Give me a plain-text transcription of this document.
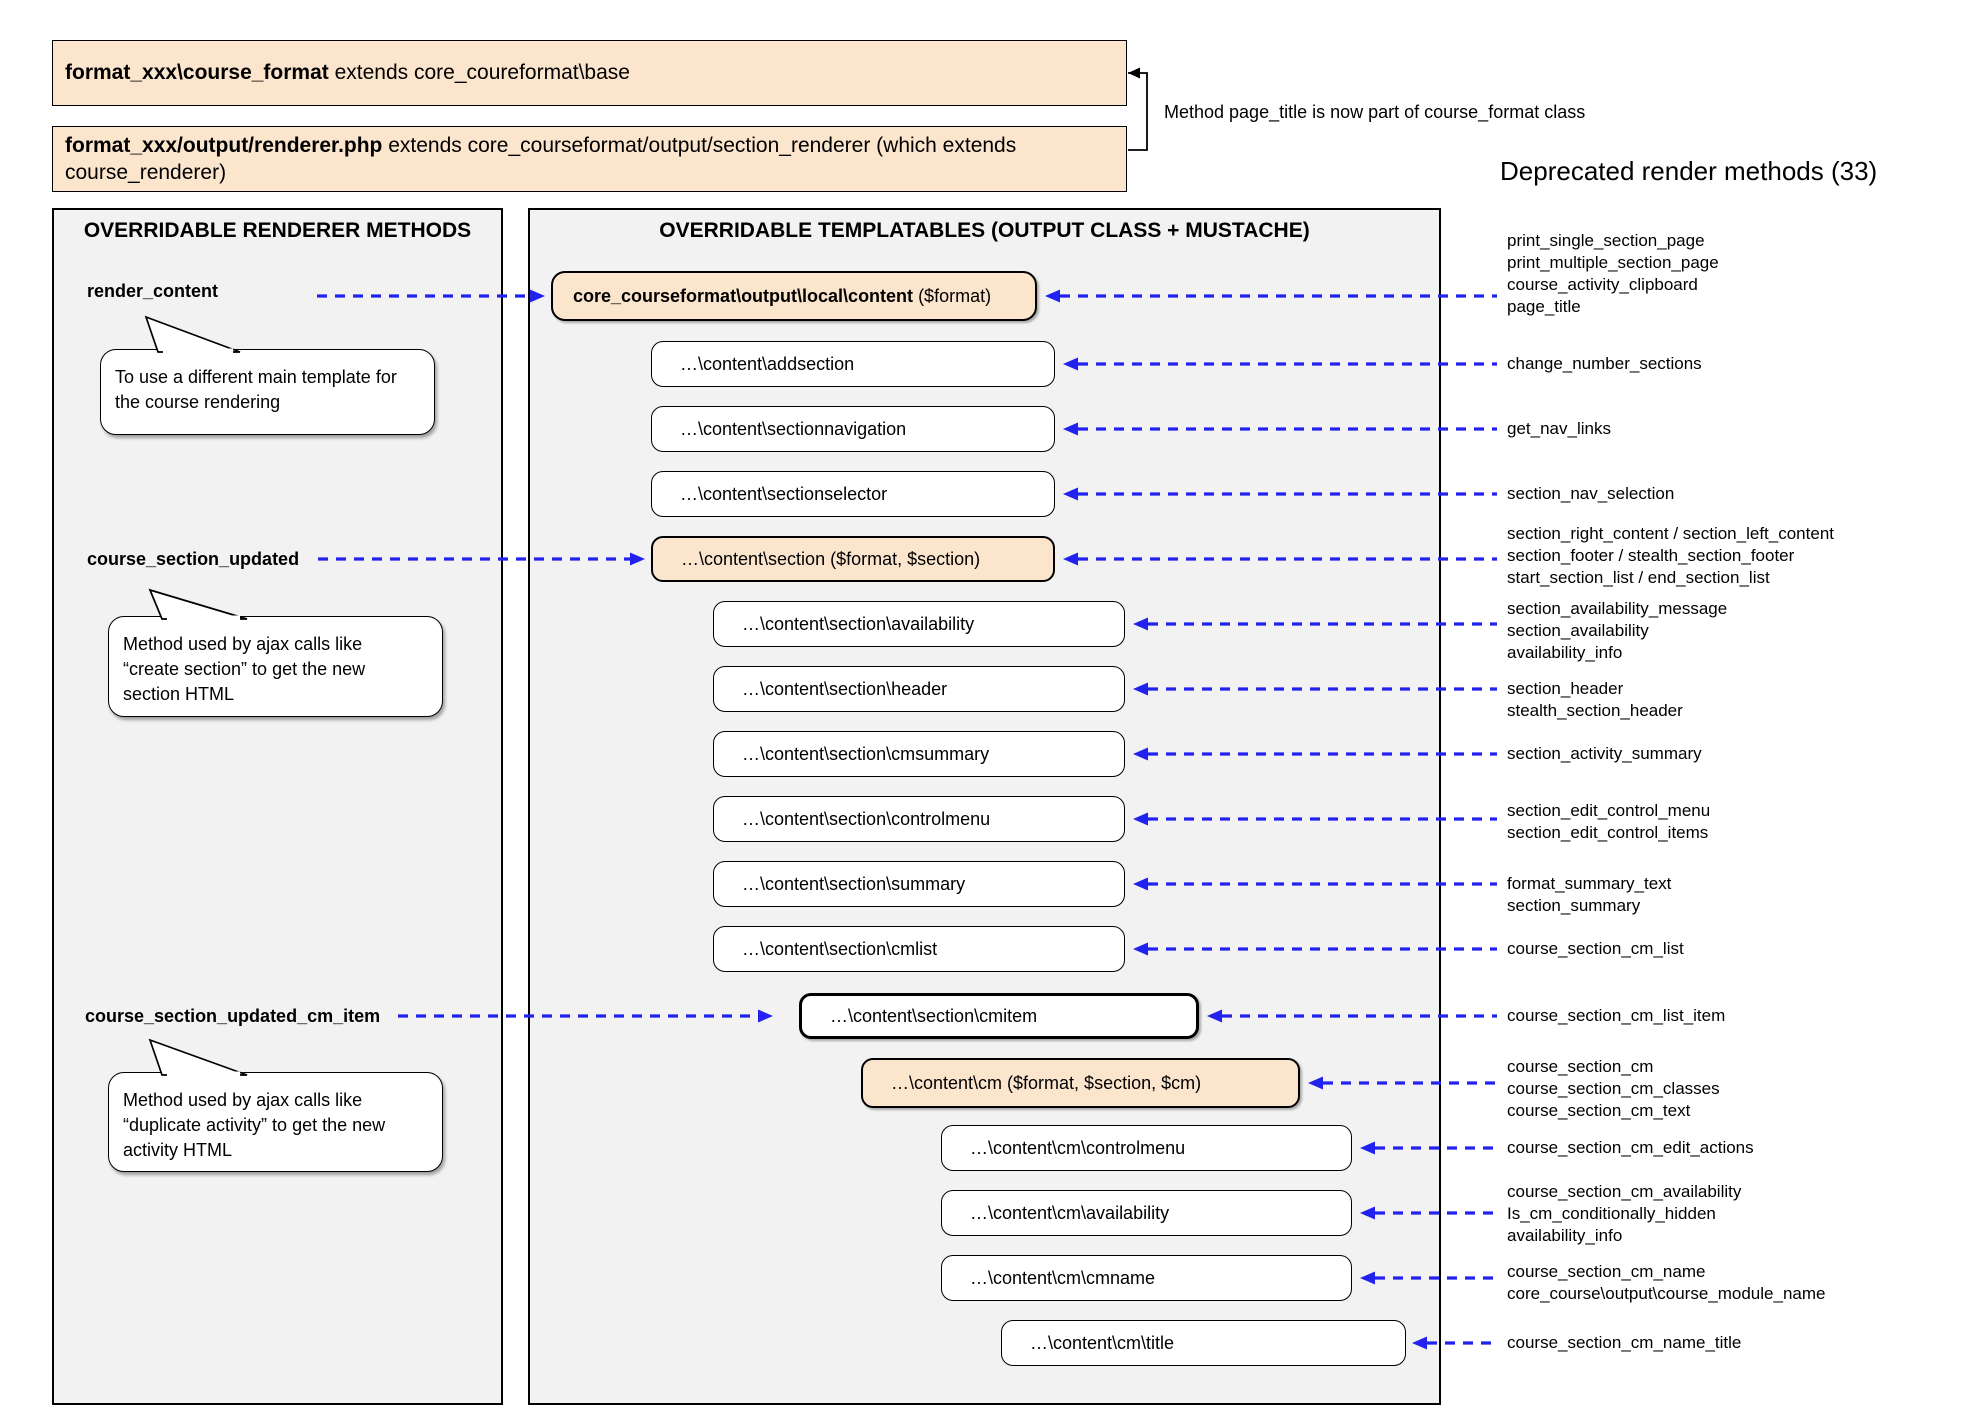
format_xxx\course_format extends core_coureformat\base
format_xxx/output/renderer.php extends core_courseformat/output/section_renderer (which extends course_renderer)
Method page_title is now part of course_format class
Deprecated render methods (33)
OVERRIDABLE RENDERER METHODS	OVERRIDABLE TEMPLATABLES (OUTPUT CLASS + MUSTACHE)
render_content
course_section_updated
course_section_updated_cm_item
To use a different main template for
the course rendering
Method used by ajax calls like
“create section” to get the new
section HTML
Method used by ajax calls like
“duplicate activity” to get the new
activity HTML
core_courseformat\output\local\content ($format)
…\content\addsection
…\content\sectionnavigation
…\content\sectionselector
…\content\section ($format, $section)
…\content\section\availability
…\content\section\header
…\content\section\cmsummary
…\content\section\controlmenu
…\content\section\summary
…\content\section\cmlist
…\content\section\cmitem
…\content\cm ($format, $section, $cm)
…\content\cm\controlmenu
…\content\cm\availability
…\content\cm\cmname
…\content\cm\title
print_single_section_page
print_multiple_section_page
course_activity_clipboard
page_title
change_number_sections
get_nav_links
section_nav_selection
section_right_content / section_left_content
section_footer / stealth_section_footer
start_section_list / end_section_list
section_availability_message
section_availability
availability_info
section_header
stealth_section_header
section_activity_summary
section_edit_control_menu
section_edit_control_items
format_summary_text
section_summary
course_section_cm_list
course_section_cm_list_item
course_section_cm
course_section_cm_classes
course_section_cm_text
course_section_cm_edit_actions
course_section_cm_availability
Is_cm_conditionally_hidden
availability_info
course_section_cm_name
core_course\output\course_module_name
course_section_cm_name_title
